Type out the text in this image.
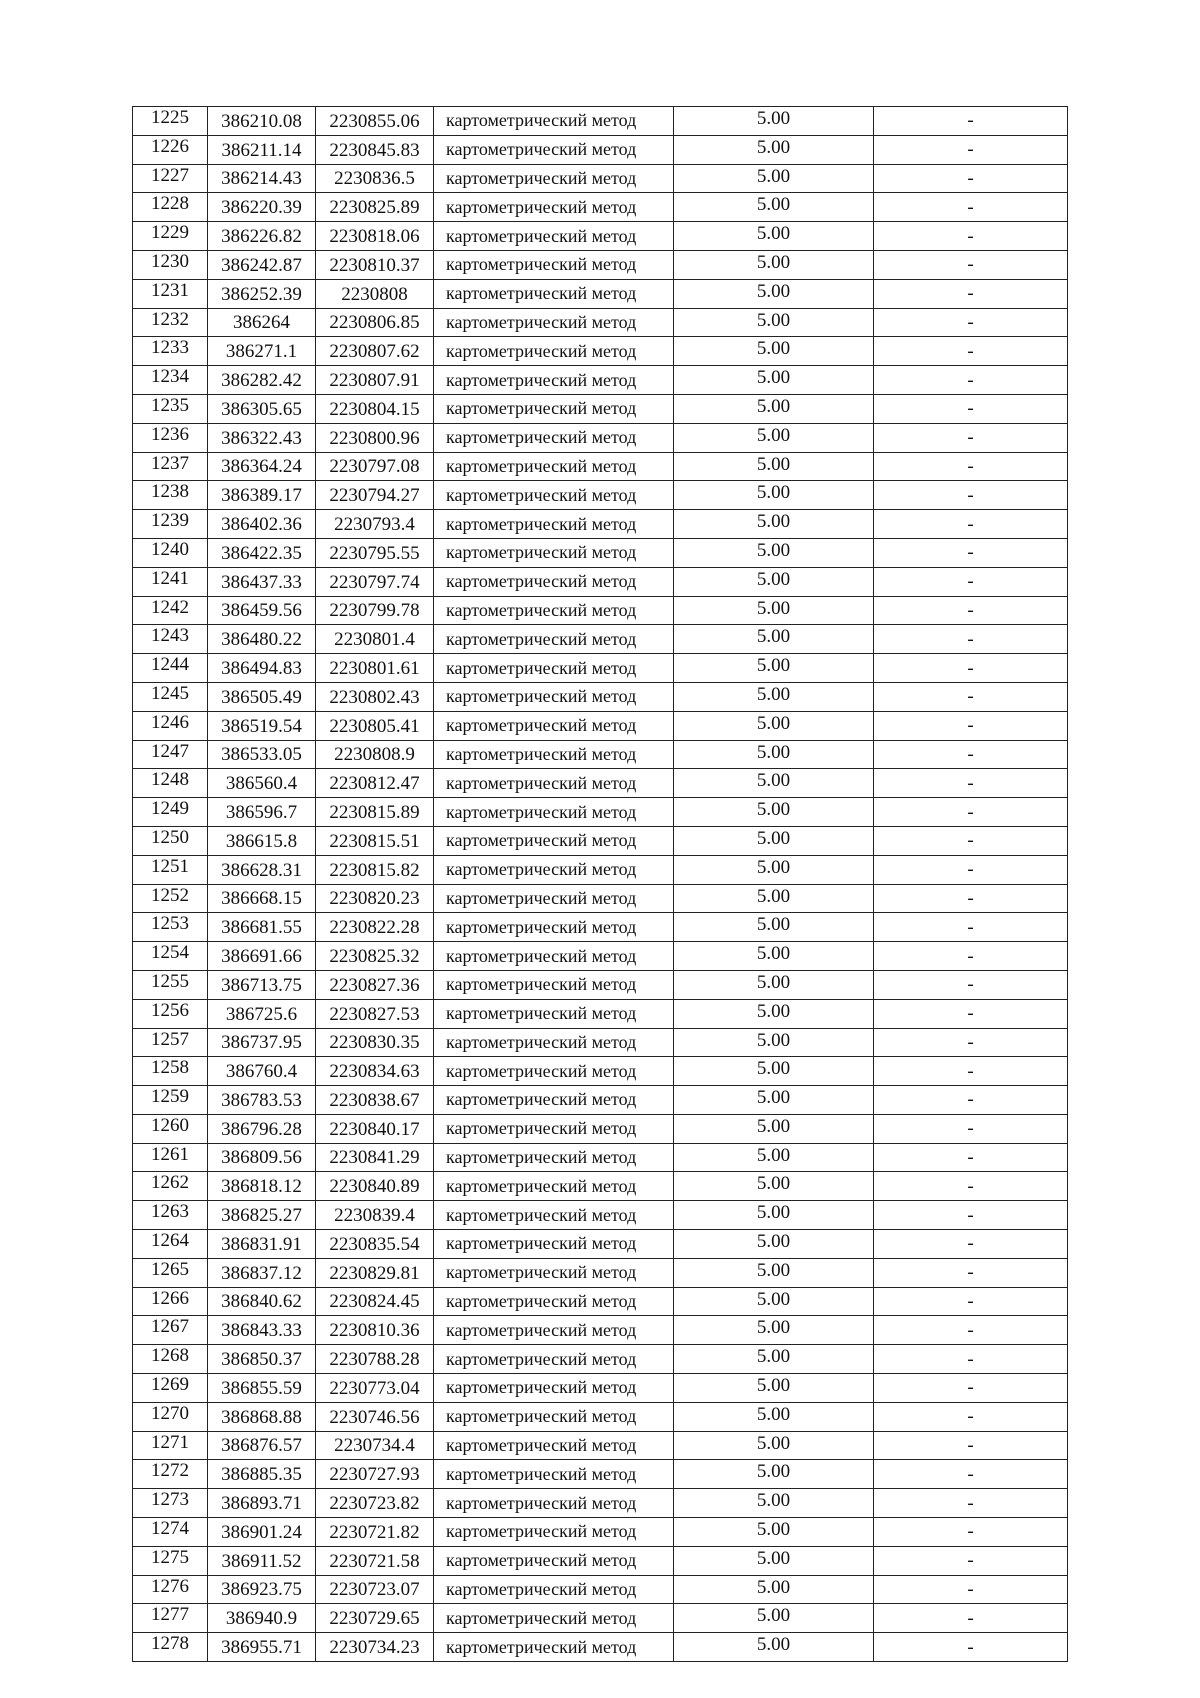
1225	386210.08	2230855.06	картометрический метод	5.00	-
1226	386211.14	2230845.83	картометрический метод	5.00	-
1227	386214.43	2230836.5	картометрический метод	5.00	-
1228	386220.39	2230825.89	картометрический метод	5.00	-
1229	386226.82	2230818.06	картометрический метод	5.00	-
1230	386242.87	2230810.37	картометрический метод	5.00	-
1231	386252.39	2230808	картометрический метод	5.00	-
1232	386264	2230806.85	картометрический метод	5.00	-
1233	386271.1	2230807.62	картометрический метод	5.00	-
1234	386282.42	2230807.91	картометрический метод	5.00	-
1235	386305.65	2230804.15	картометрический метод	5.00	-
1236	386322.43	2230800.96	картометрический метод	5.00	-
1237	386364.24	2230797.08	картометрический метод	5.00	-
1238	386389.17	2230794.27	картометрический метод	5.00	-
1239	386402.36	2230793.4	картометрический метод	5.00	-
1240	386422.35	2230795.55	картометрический метод	5.00	-
1241	386437.33	2230797.74	картометрический метод	5.00	-
1242	386459.56	2230799.78	картометрический метод	5.00	-
1243	386480.22	2230801.4	картометрический метод	5.00	-
1244	386494.83	2230801.61	картометрический метод	5.00	-
1245	386505.49	2230802.43	картометрический метод	5.00	-
1246	386519.54	2230805.41	картометрический метод	5.00	-
1247	386533.05	2230808.9	картометрический метод	5.00	-
1248	386560.4	2230812.47	картометрический метод	5.00	-
1249	386596.7	2230815.89	картометрический метод	5.00	-
1250	386615.8	2230815.51	картометрический метод	5.00	-
1251	386628.31	2230815.82	картометрический метод	5.00	-
1252	386668.15	2230820.23	картометрический метод	5.00	-
1253	386681.55	2230822.28	картометрический метод	5.00	-
1254	386691.66	2230825.32	картометрический метод	5.00	-
1255	386713.75	2230827.36	картометрический метод	5.00	-
1256	386725.6	2230827.53	картометрический метод	5.00	-
1257	386737.95	2230830.35	картометрический метод	5.00	-
1258	386760.4	2230834.63	картометрический метод	5.00	-
1259	386783.53	2230838.67	картометрический метод	5.00	-
1260	386796.28	2230840.17	картометрический метод	5.00	-
1261	386809.56	2230841.29	картометрический метод	5.00	-
1262	386818.12	2230840.89	картометрический метод	5.00	-
1263	386825.27	2230839.4	картометрический метод	5.00	-
1264	386831.91	2230835.54	картометрический метод	5.00	-
1265	386837.12	2230829.81	картометрический метод	5.00	-
1266	386840.62	2230824.45	картометрический метод	5.00	-
1267	386843.33	2230810.36	картометрический метод	5.00	-
1268	386850.37	2230788.28	картометрический метод	5.00	-
1269	386855.59	2230773.04	картометрический метод	5.00	-
1270	386868.88	2230746.56	картометрический метод	5.00	-
1271	386876.57	2230734.4	картометрический метод	5.00	-
1272	386885.35	2230727.93	картометрический метод	5.00	-
1273	386893.71	2230723.82	картометрический метод	5.00	-
1274	386901.24	2230721.82	картометрический метод	5.00	-
1275	386911.52	2230721.58	картометрический метод	5.00	-
1276	386923.75	2230723.07	картометрический метод	5.00	-
1277	386940.9	2230729.65	картометрический метод	5.00	-
1278	386955.71	2230734.23	картометрический метод	5.00	-
